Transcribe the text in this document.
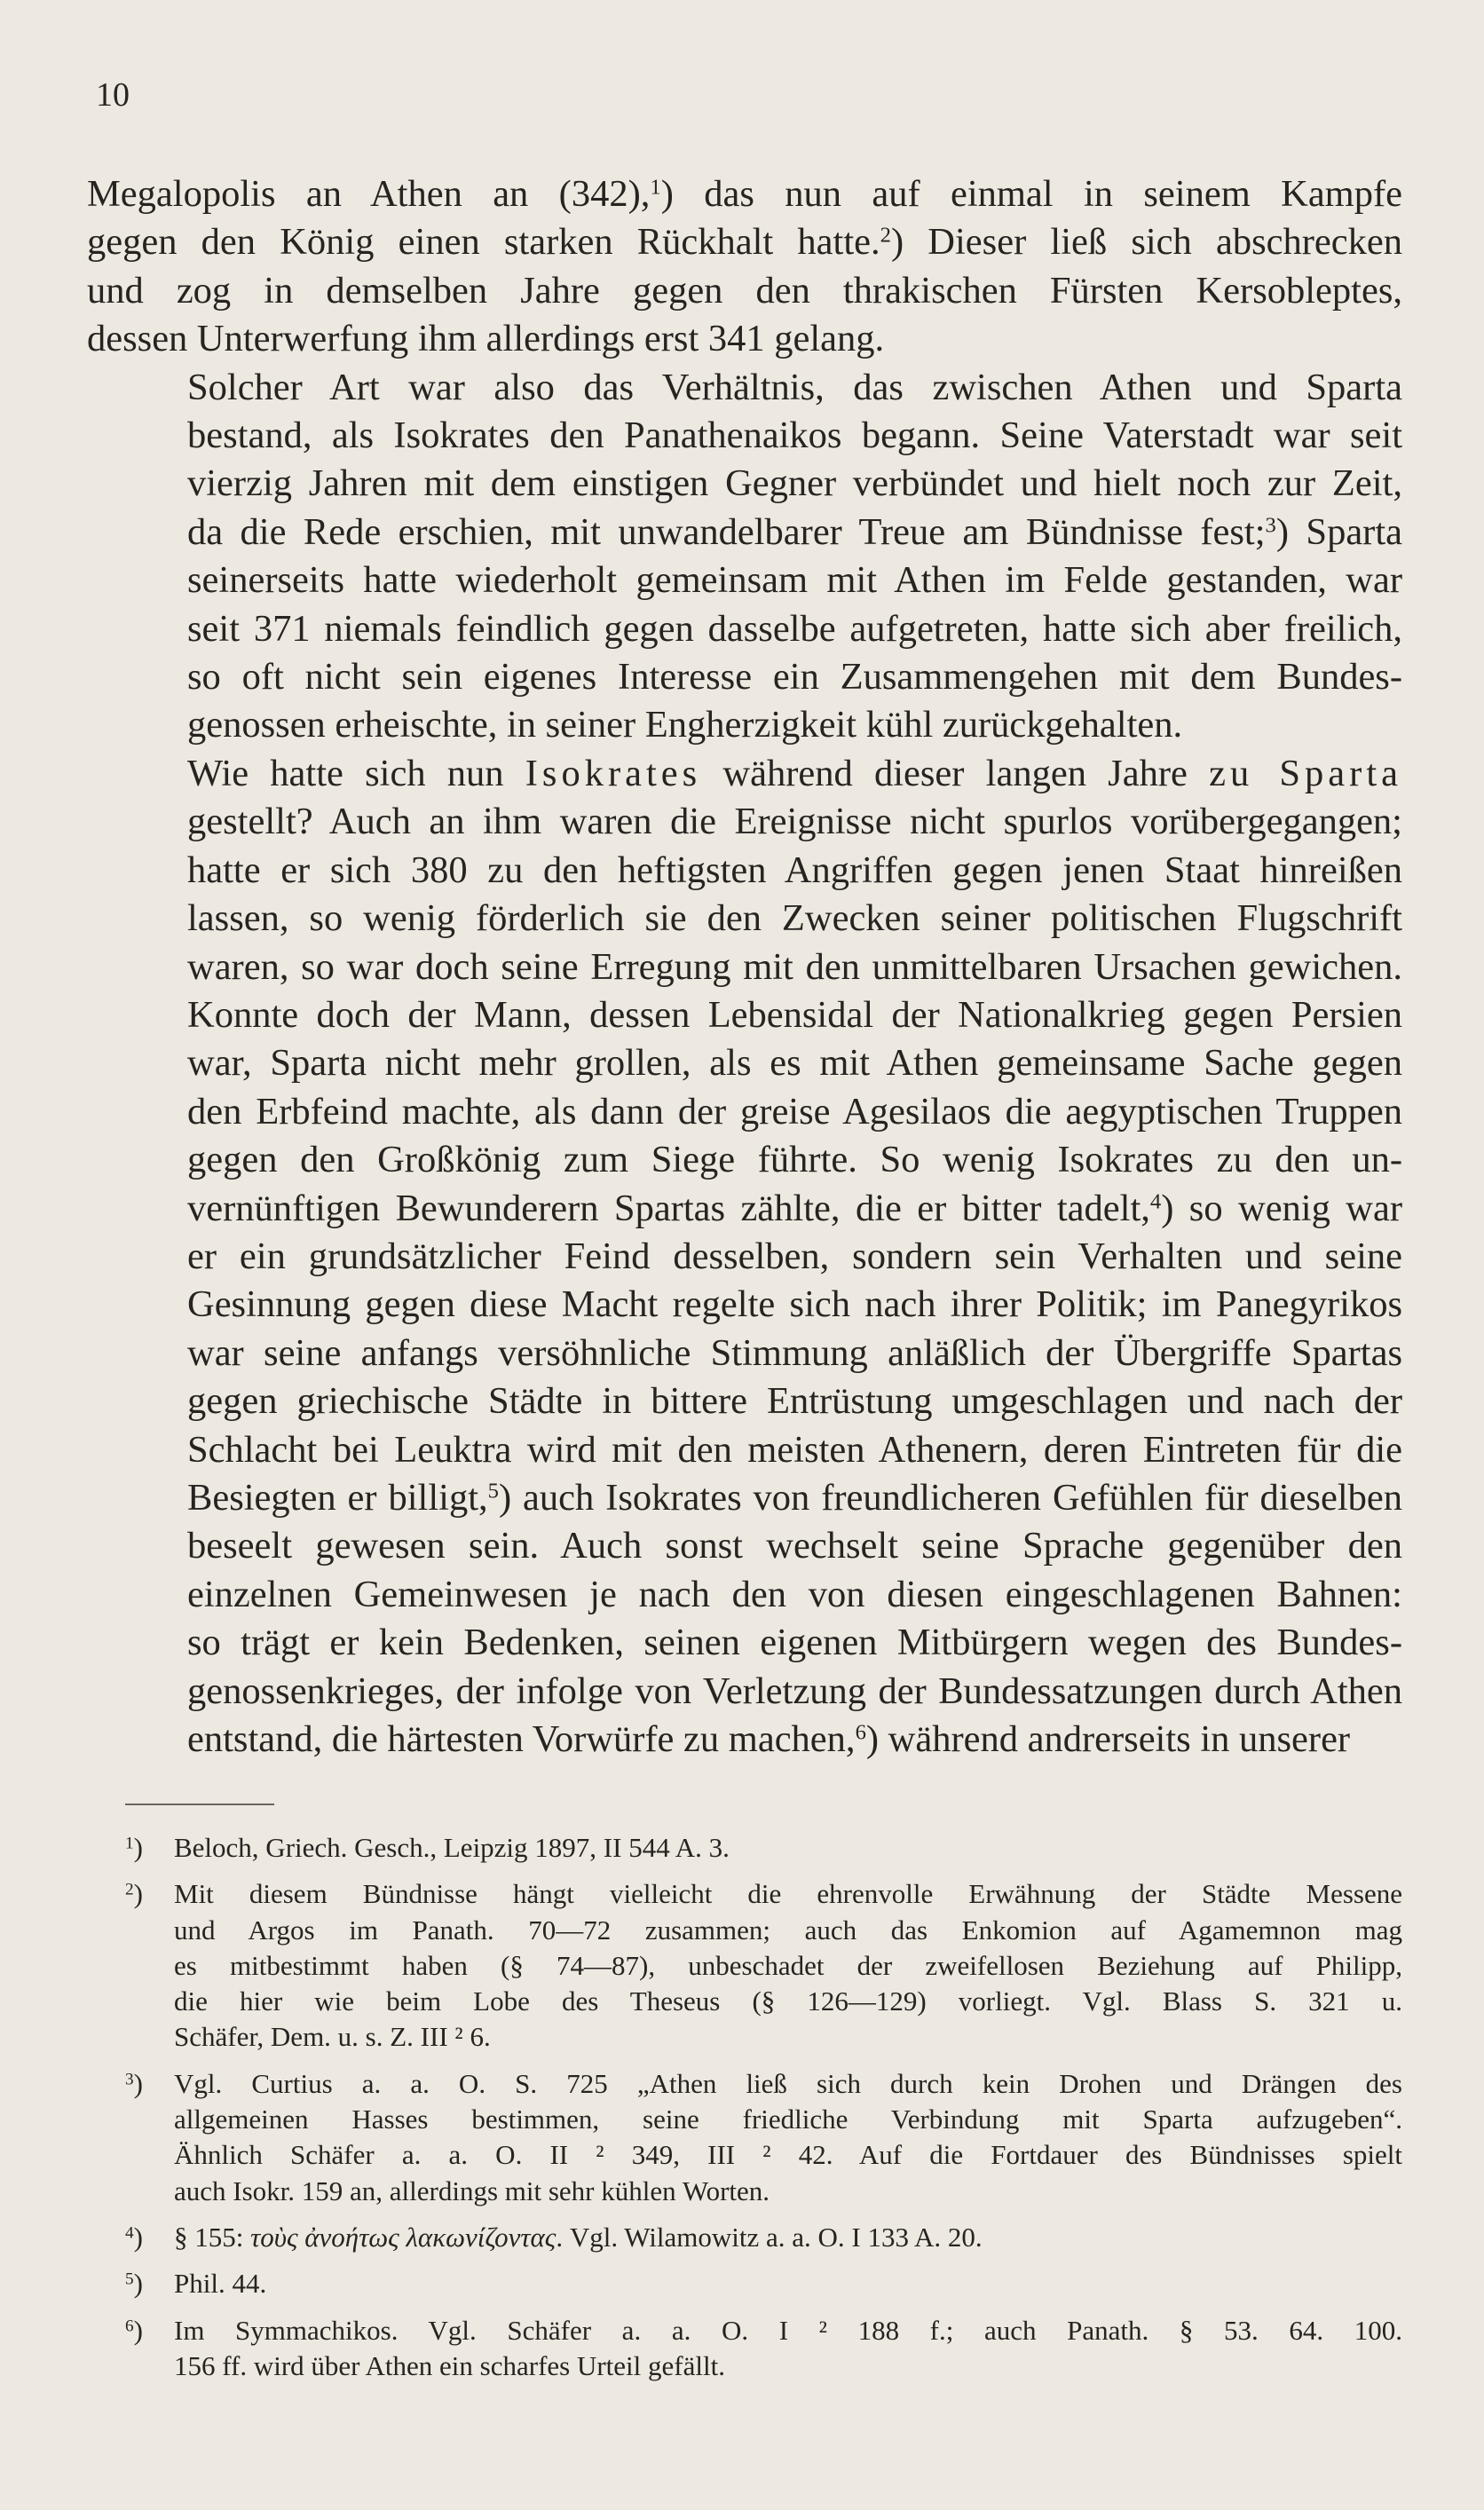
10

Megalopolis an Athen an (342),$^1$) das nun auf einmal in seinem Kampfe
gegen den König einen starken Rückhalt hatte.$^2$) Dieser ließ sich abschrecken
und zog in demselben Jahre gegen den thrakischen Fürsten Kersobleptes,
dessen Unterwerfung ihm allerdings erst 341 gelang.

Solcher Art war also das Verhältnis, das zwischen Athen und Sparta
bestand, als Isokrates den Panathenaikos begann. Seine Vaterstadt war seit
vierzig Jahren mit dem einstigen Gegner verbündet und hielt noch zur Zeit,
da die Rede erschien, mit unwandelbarer Treue am Bündnisse fest;$^3$) Sparta
seinerseits hatte wiederholt gemeinsam mit Athen im Felde gestanden, war
seit 371 niemals feindlich gegen dasselbe aufgetreten, hatte sich aber freilich,
so oft nicht sein eigenes Interesse ein Zusammengehen mit dem Bundes-
genossen erheischte, in seiner Engherzigkeit kühl zurückgehalten.

Wie hatte sich nun Isokrates während dieser langen Jahre zu Sparta
gestellt? Auch an ihm waren die Ereignisse nicht spurlos vorübergegangen;
hatte er sich 380 zu den heftigsten Angriffen gegen jenen Staat hinreißen
lassen, so wenig förderlich sie den Zwecken seiner politischen Flugschrift
waren, so war doch seine Erregung mit den unmittelbaren Ursachen gewichen.
Konnte doch der Mann, dessen Lebensidal der Nationalkrieg gegen Persien
war, Sparta nicht mehr grollen, als es mit Athen gemeinsame Sache gegen
den Erbfeind machte, als dann der greise Agesilaos die aegyptischen Truppen
gegen den Großkönig zum Siege führte. So wenig Isokrates zu den un-
vernünftigen Bewunderern Spartas zählte, die er bitter tadelt,$^4$) so wenig war
er ein grundsätzlicher Feind desselben, sondern sein Verhalten und seine
Gesinnung gegen diese Macht regelte sich nach ihrer Politik; im Panegyrikos
war seine anfangs versöhnliche Stimmung anläßlich der Übergriffe Spartas
gegen griechische Städte in bittere Entrüstung umgeschlagen und nach der
Schlacht bei Leuktra wird mit den meisten Athenern, deren Eintreten für die
Besiegten er billigt,$^5$) auch Isokrates von freundlicheren Gefühlen für dieselben
beseelt gewesen sein. Auch sonst wechselt seine Sprache gegenüber den
einzelnen Gemeinwesen je nach den von diesen eingeschlagenen Bahnen:
so trägt er kein Bedenken, seinen eigenen Mitbürgern wegen des Bundes-
genossenkrieges, der infolge von Verletzung der Bundessatzungen durch Athen
entstand, die härtesten Vorwürfe zu machen,$^6$) während andrerseits in unserer

$^1$) Beloch, Griech. Gesch., Leipzig 1897, II 544 A. 3.
$^2$) Mit diesem Bündnisse hängt vielleicht die ehrenvolle Erwähnung der Städte Messene
und Argos im Panath. 70—72 zusammen; auch das Enkomion auf Agamemnon mag
es mitbestimmt haben (§ 74—87), unbeschadet der zweifellosen Beziehung auf Philipp,
die hier wie beim Lobe des Theseus (§ 126—129) vorliegt. Vgl. Blass S. 321 u.
Schäfer, Dem. u. s. Z. III ² 6.
$^3$) Vgl. Curtius a. a. O. S. 725 „Athen ließ sich durch kein Drohen und Drängen des
allgemeinen Hasses bestimmen, seine friedliche Verbindung mit Sparta aufzugeben“.
Ähnlich Schäfer a. a. O. II ² 349, III ² 42. Auf die Fortdauer des Bündnisses spielt
auch Isokr. 159 an, allerdings mit sehr kühlen Worten.
$^4$) § 155: τοὺς ἀνοήτως λακωνίζοντας. Vgl. Wilamowitz a. a. O. I 133 A. 20.
$^5$) Phil. 44.
$^6$) Im Symmachikos. Vgl. Schäfer a. a. O. I ² 188 f.; auch Panath. § 53. 64. 100.
156 ff. wird über Athen ein scharfes Urteil gefällt.
